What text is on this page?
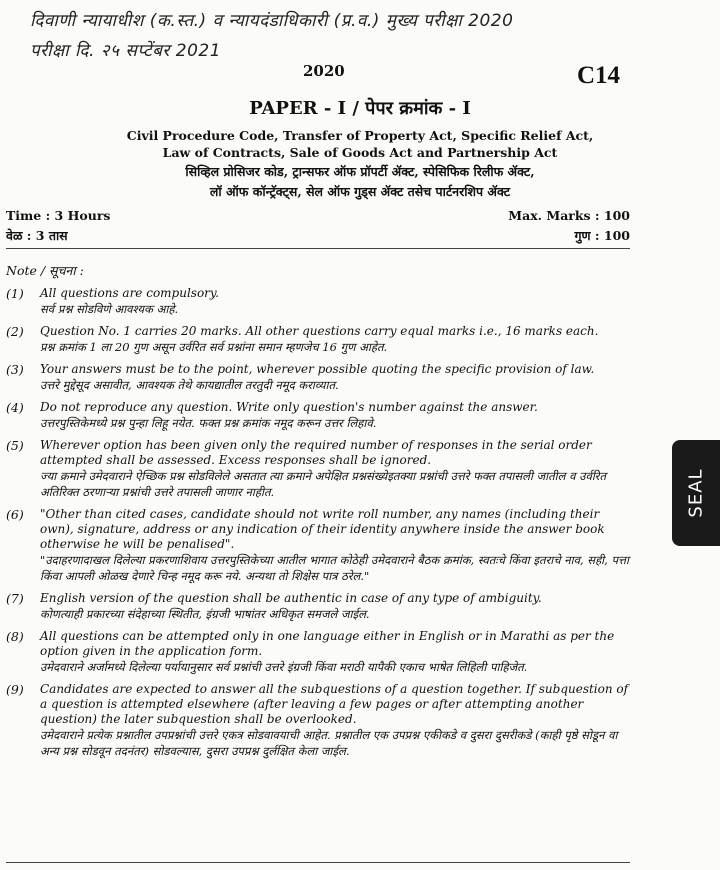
दिवाणी न्यायाधीश (क.स्त.) व न्यायदंडाधिकारी (प्र.व.) मुख्य परीक्षा 2020
परीक्षा दि. २५ सप्टेंबर 2021
2020	C14
PAPER - I / पेपर क्रमांक - I
Civil Procedure Code, Transfer of Property Act, Specific Relief Act,
Law of Contracts, Sale of Goods Act and Partnership Act
सिव्हिल प्रोसिजर कोड, ट्रान्सफर ऑफ प्रॉपर्टी ॲक्ट, स्पेसिफिक रिलीफ ॲक्ट,
लॉ ऑफ कॉन्ट्रॅक्ट्स, सेल ऑफ गुड्स ॲक्ट तसेच पार्टनरशिप ॲक्ट
Time : 3 Hours
वेळ : 3 तास
Max. Marks : 100
गुण : 100
Note / सूचना :
(1)	All questions are compulsory.
सर्व प्रश्न सोडविणे आवश्यक आहे.
(2)	Question No. 1 carries 20 marks. All other questions carry equal marks i.e., 16 marks each.
प्रश्न क्रमांक 1 ला 20 गुण असून उर्वरित सर्व प्रश्नांना समान म्हणजेच 16 गुण आहेत.
(3)	Your answers must be to the point, wherever possible quoting the specific provision of law.
उत्तरे मुद्देसूद असावीत, आवश्यक तेथे कायद्यातील तरतुदी नमूद कराव्यात.
(4)	Do not reproduce any question. Write only question's number against the answer.
उत्तरपुस्तिकेमध्ये प्रश्न पुन्हा लिहू नयेत. फक्त प्रश्न क्रमांक नमूद करून उत्तर लिहावे.
(5)	Wherever option has been given only the required number of responses in the serial order attempted shall be assessed. Excess responses shall be ignored.
ज्या क्रमाने उमेदवाराने ऐच्छिक प्रश्न सोडविलेले असतात त्या क्रमाने अपेक्षित प्रश्नसंख्येइतक्या प्रश्नांची उत्तरे फक्त तपासली जातील व उर्वरित अतिरिक्त ठरणाऱ्या प्रश्नांची उत्तरे तपासली जाणार नाहीत.
(6)	"Other than cited cases, candidate should not write roll number, any names (including their own), signature, address or any indication of their identity anywhere inside the answer book otherwise he will be penalised".
"उदाहरणादाखल दिलेल्या प्रकरणाशिवाय उत्तरपुस्तिकेच्या आतील भागात कोठेही उमेदवाराने बैठक क्रमांक, स्वतःचे किंवा इतराचे नाव, सही, पत्ता किंवा आपली ओळख देणारे चिन्ह नमूद करू नये. अन्यथा तो शिक्षेस पात्र ठरेल."
(7)	English version of the question shall be authentic in case of any type of ambiguity.
कोणत्याही प्रकारच्या संदेहाच्या स्थितीत, इंग्रजी भाषांतर अधिकृत समजले जाईल.
(8)	All questions can be attempted only in one language either in English or in Marathi as per the option given in the application form.
उमेदवाराने अर्जामध्ये दिलेल्या पर्यायानुसार सर्व प्रश्नांची उत्तरे इंग्रजी किंवा मराठी यापैकी एकाच भाषेत लिहिली पाहिजेत.
(9)	Candidates are expected to answer all the subquestions of a question together. If subquestion of a question is attempted elsewhere (after leaving a few pages or after attempting another question) the later subquestion shall be overlooked.
उमेदवाराने प्रत्येक प्रश्नातील उपप्रश्नांची उत्तरे एकत्र सोडवावयाची आहेत. प्रश्नातील एक उपप्रश्न एकीकडे व दुसरा दुसरीकडे (काही पृष्ठे सोडून वा अन्य प्रश्न सोडवून तदनंतर) सोडवल्यास, दुसरा उपप्रश्न दुर्लक्षित केला जाईल.
SEAL
